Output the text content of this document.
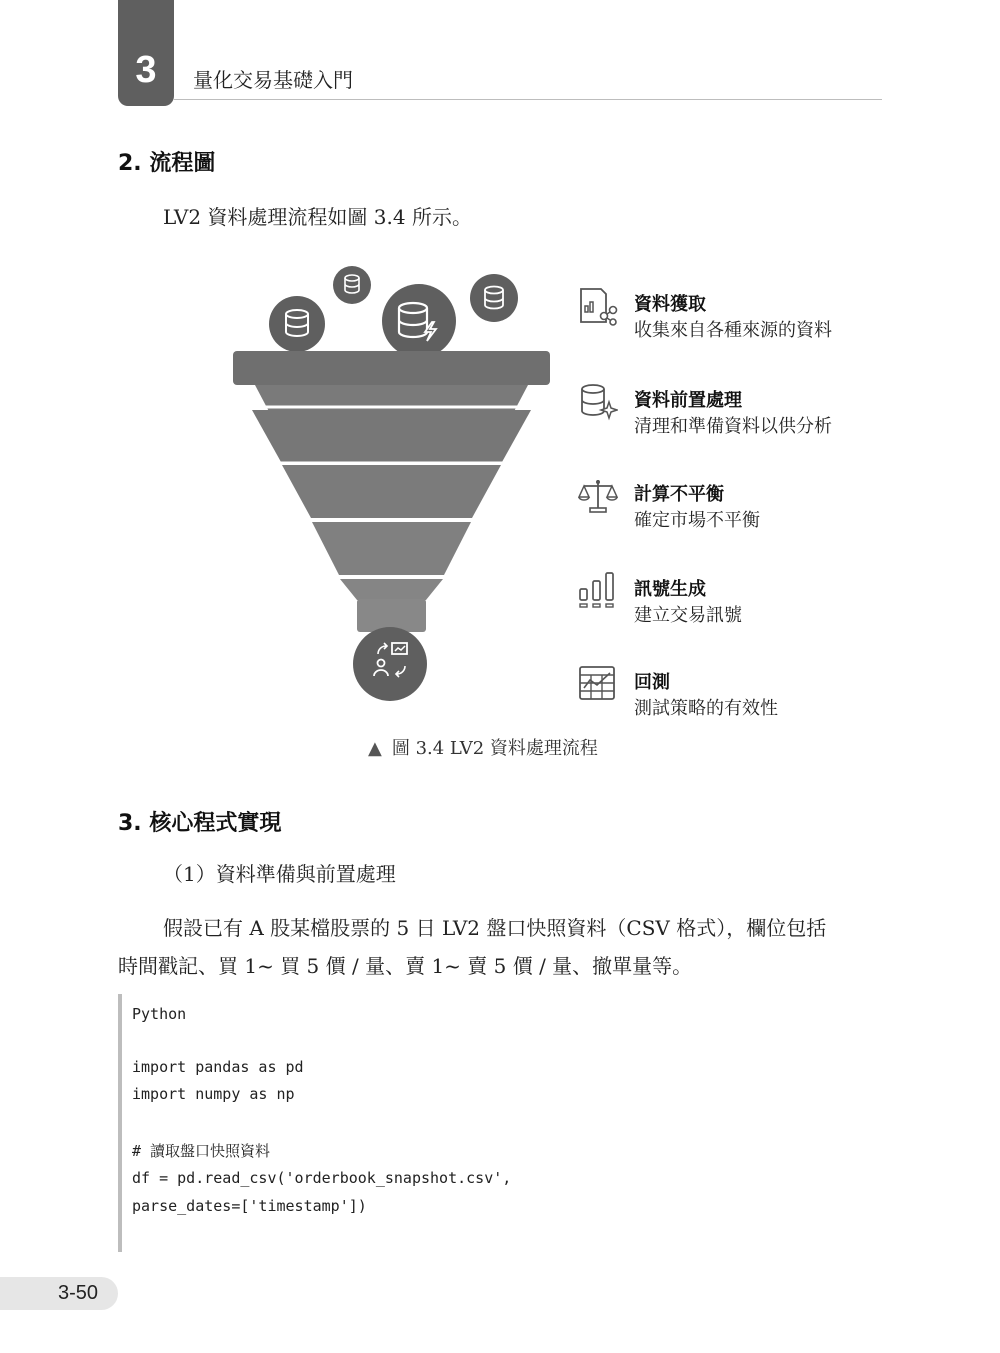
3 量化交易基礎入門
2. 流程圖
LV2 資料處理流程如圖 3.4 所示。
資料獲取
收集來自各種來源的資料
資料前置處理
清理和準備資料以供分析
計算不平衡
確定市場不平衡
訊號生成
建立交易訊號
回測
測試策略的有效性
▲ 圖 3.4 LV2 資料處理流程
3. 核心程式實現
（1）資料準備與前置處理
假設已有 A 股某檔股票的 5 日 LV2 盤口快照資料（CSV 格式），欄位包括
時間戳記、買 1~ 買 5 價 / 量、賣 1~ 賣 5 價 / 量、撤單量等。
Python
import pandas as pd
import numpy as np
# 讀取盤口快照資料
df = pd.read_csv('orderbook_snapshot.csv',
parse_dates=['timestamp'])
3-50
